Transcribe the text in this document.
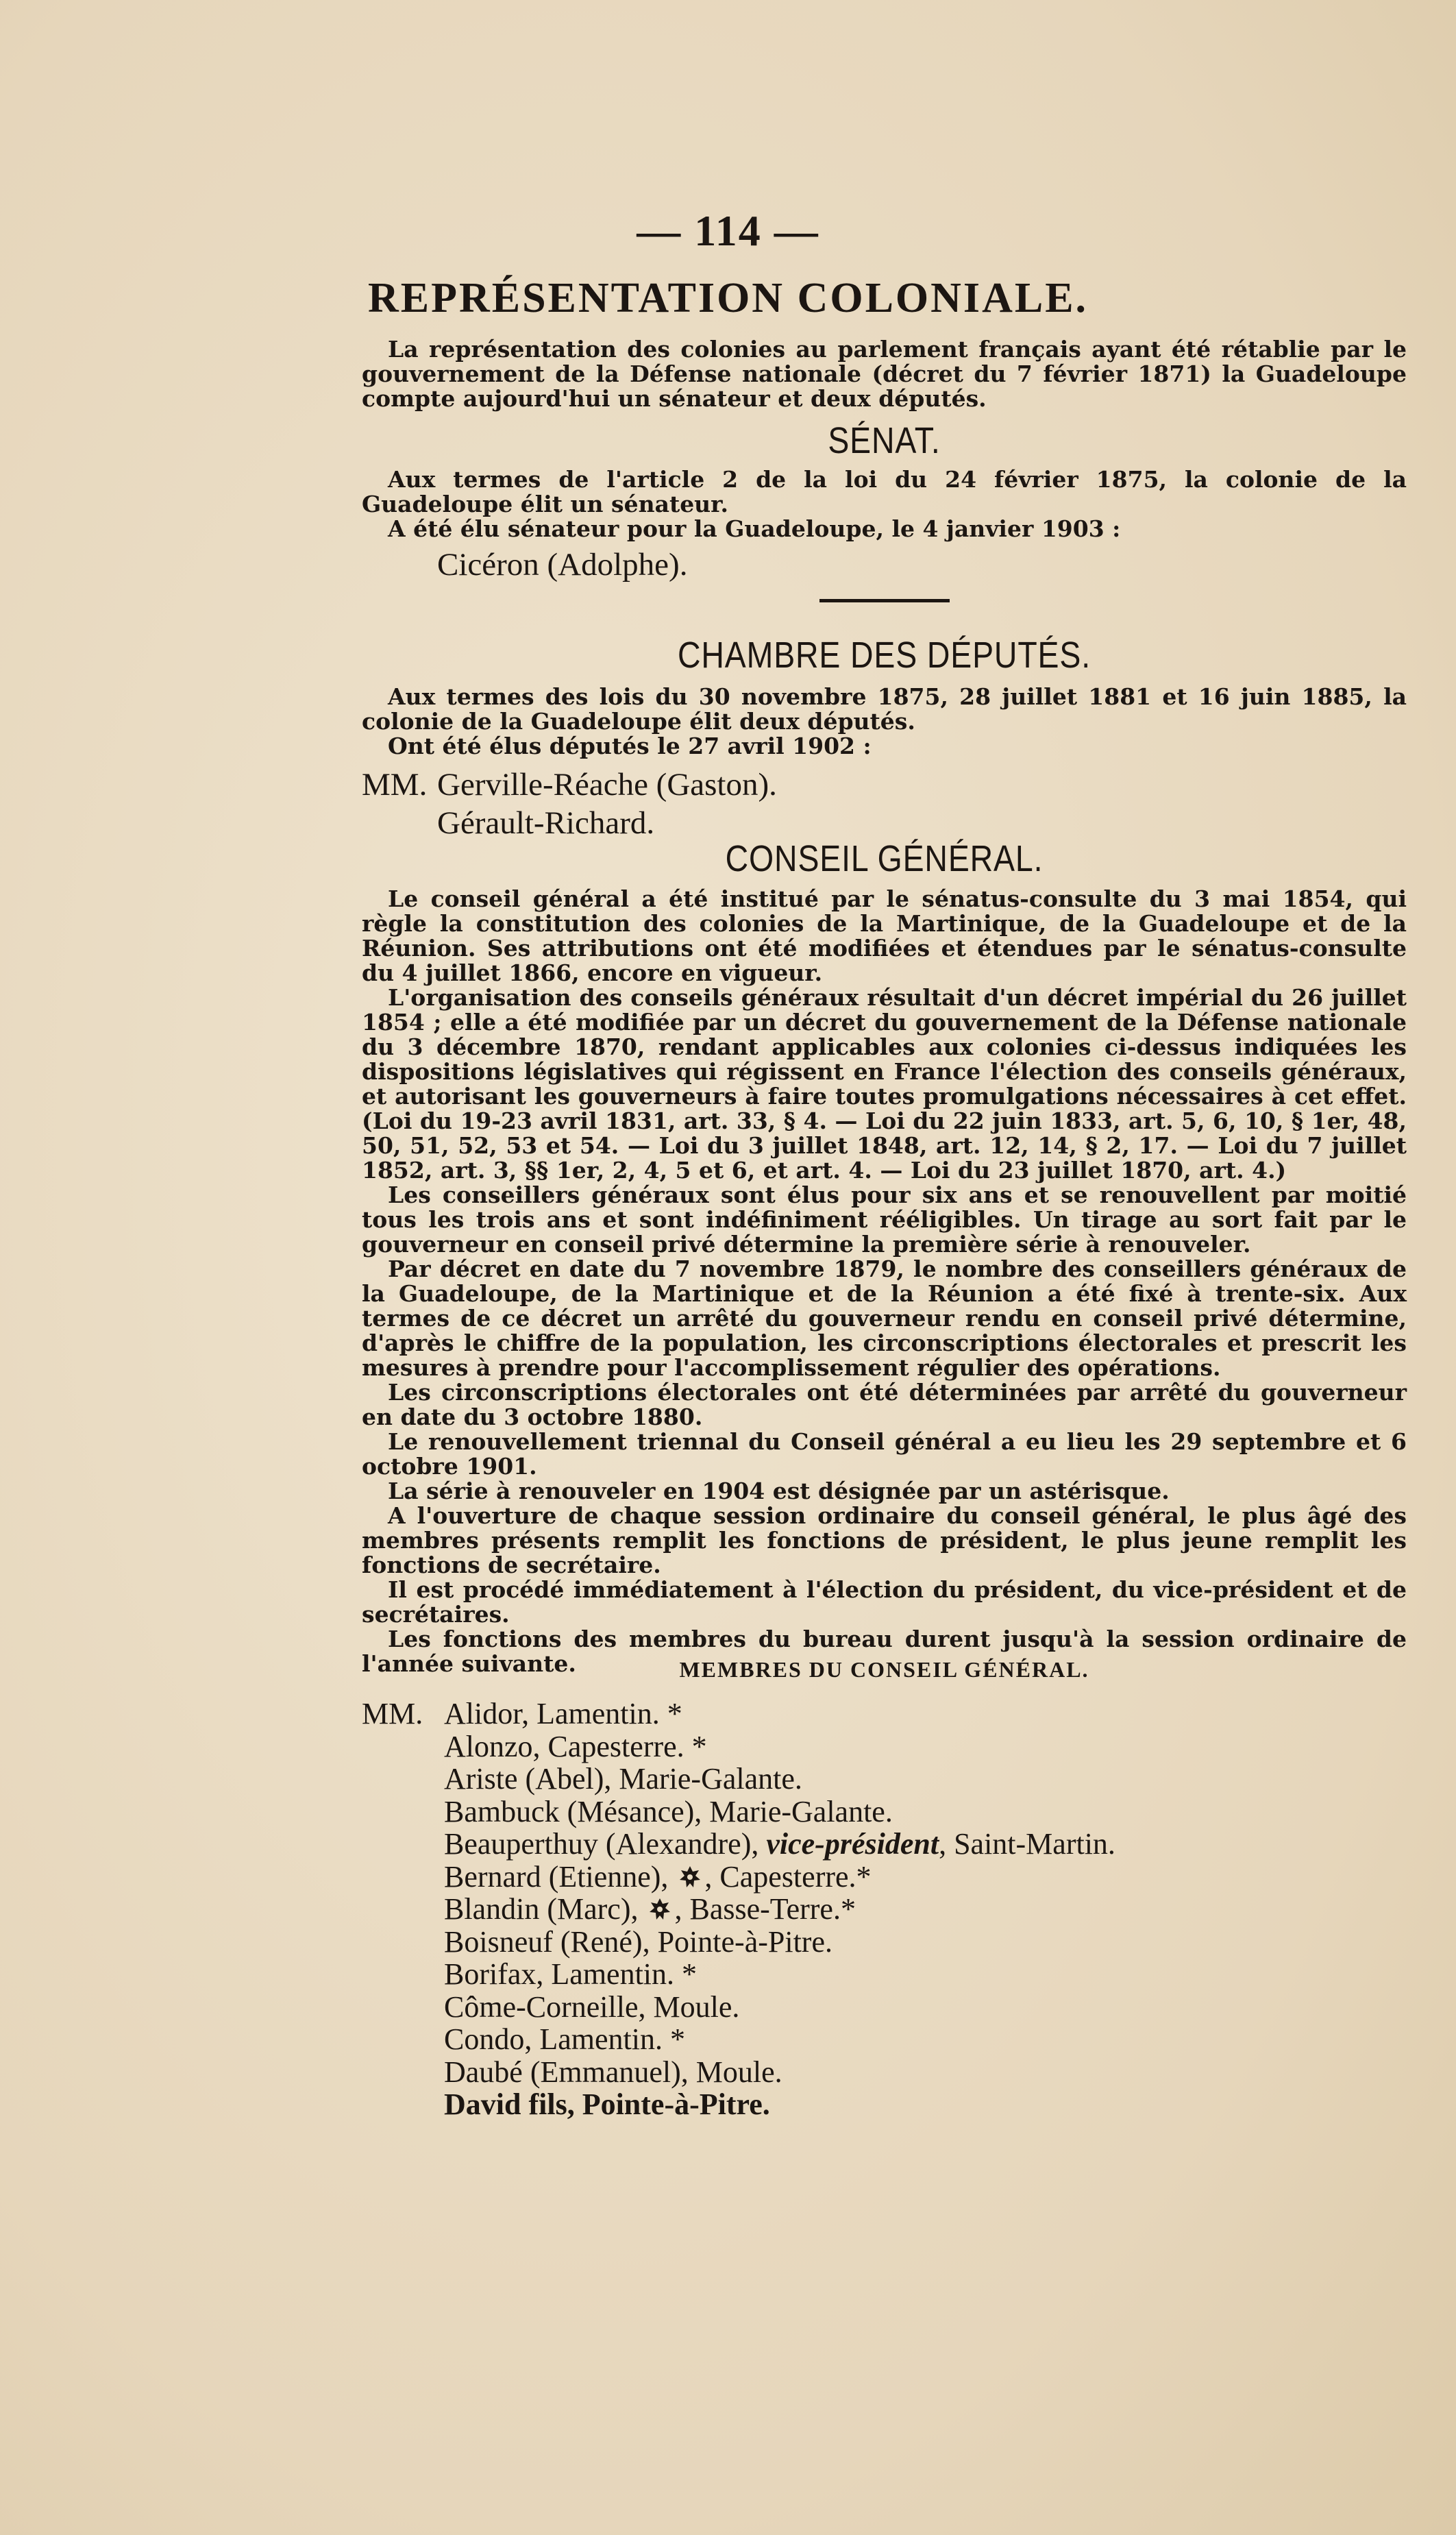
— 114 —
REPRÉSENTATION COLONIALE.

La représentation des colonies au parlement français ayant été rétablie par le gouvernement de la Défense nationale (décret du 7 février 1871) la Guadeloupe compte aujourd'hui un sénateur et deux députés.

SÉNAT.

Aux termes de l'article 2 de la loi du 24 février 1875, la colonie de la Guadeloupe élit un sénateur.

A été élu sénateur pour la Guadeloupe, le 4 janvier 1903 :

Cicéron (Adolphe).

CHAMBRE DES DÉPUTÉS.

Aux termes des lois du 30 novembre 1875, 28 juillet 1881 et 16 juin 1885, la colonie de la Guadeloupe élit deux députés.

Ont été élus députés le 27 avril 1902 :

MM. Gerville-Réache (Gaston).

Gérault-Richard.

CONSEIL GÉNÉRAL.

Le conseil général a été institué par le sénatus-consulte du 3 mai 1854, qui règle la constitution des colonies de la Martinique, de la Guadeloupe et de la Réunion. Ses attributions ont été modifiées et étendues par le sénatus-consulte du 4 juillet 1866, encore en vigueur.

L'organisation des conseils généraux résultait d'un décret impérial du 26 juillet 1854 ; elle a été modifiée par un décret du gouvernement de la Défense nationale du 3 décembre 1870, rendant applicables aux colonies ci-dessus indiquées les dispositions législatives qui régissent en France l'élection des conseils généraux, et autorisant les gouverneurs à faire toutes promulgations nécessaires à cet effet. (Loi du 19-23 avril 1831, art. 33, § 4. — Loi du 22 juin 1833, art. 5, 6, 10, § 1er, 48, 50, 51, 52, 53 et 54. — Loi du 3 juillet 1848, art. 12, 14, § 2, 17. — Loi du 7 juillet 1852, art. 3, §§ 1er, 2, 4, 5 et 6, et art. 4. — Loi du 23 juillet 1870, art. 4.)

Les conseillers généraux sont élus pour six ans et se renouvellent par moitié tous les trois ans et sont indéfiniment rééligibles. Un tirage au sort fait par le gouverneur en conseil privé détermine la première série à renouveler.

Par décret en date du 7 novembre 1879, le nombre des conseillers généraux de la Guadeloupe, de la Martinique et de la Réunion a été fixé à trente-six. Aux termes de ce décret un arrêté du gouverneur rendu en conseil privé détermine, d'après le chiffre de la population, les circonscriptions électorales et prescrit les mesures à prendre pour l'accomplissement régulier des opérations.

Les circonscriptions électorales ont été déterminées par arrêté du gouverneur en date du 3 octobre 1880.

Le renouvellement triennal du Conseil général a eu lieu les 29 septembre et 6 octobre 1901.

La série à renouveler en 1904 est désignée par un astérisque.

A l'ouverture de chaque session ordinaire du conseil général, le plus âgé des membres présents remplit les fonctions de président, le plus jeune remplit les fonctions de secrétaire.

Il est procédé immédiatement à l'élection du président, du vice-président et de secrétaires.

Les fonctions des membres du bureau durent jusqu'à la session ordinaire de l'année suivante.	MEMBRES DU CONSEIL GÉNÉRAL.

MM. Alidor, Lamentin. *

Alonzo, Capesterre. *

Ariste (Abel), Marie-Galante.

Bambuck (Mésance), Marie-Galante.

Beauperthuy (Alexandre), vice-président, Saint-Martin.

Bernard (Etienne), , Capesterre.*

Blandin (Marc), , Basse-Terre.*

Boisneuf (René), Pointe-à-Pitre.

Borifax, Lamentin. *

Côme-Corneille, Moule.

Condo, Lamentin. *

Daubé (Emmanuel), Moule.

David fils, Pointe-à-Pitre.
